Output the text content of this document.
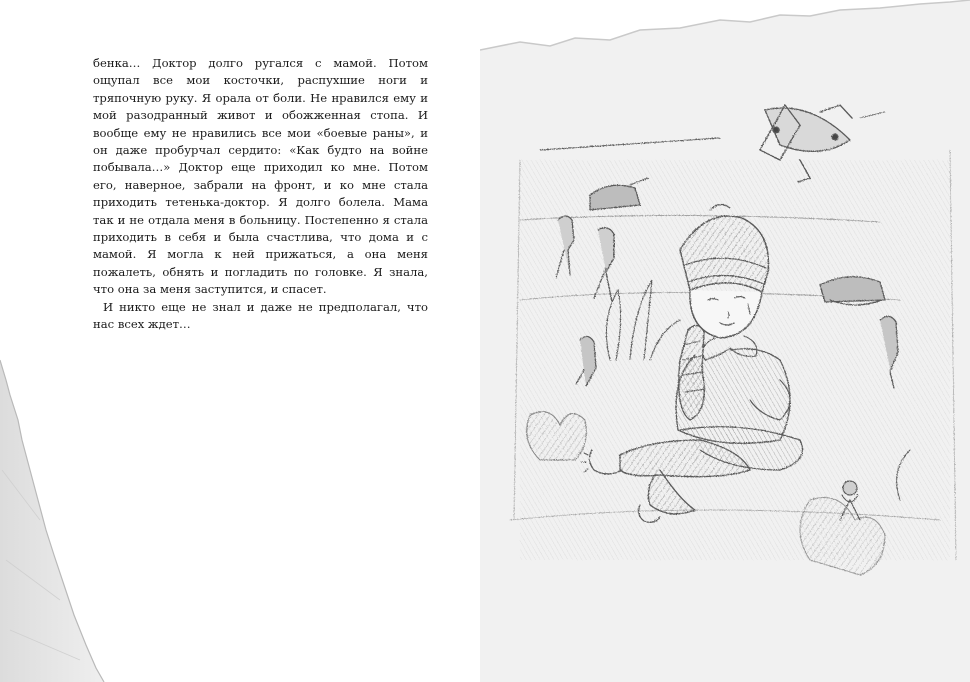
бенка… Доктор долго ругался с мамой. Потом ощупал все мои косточки, распухшие ноги и тряпочную руку. Я орала от боли. Не нравился ему и мой разодранный живот и обожженная стопа. И вообще ему не нравились все мои «боевые раны», и он даже пробурчал сердито: «Как будто на войне побывала…» Доктор еще приходил ко мне. Потом его, наверное, забрали на фронт, и ко мне стала приходить тетенька-доктор. Я долго болела. Мама так и не отдала меня в больницу. Постепенно я стала приходить в себя и была счастлива, что дома и с мамой. Я могла к ней прижаться, а она меня пожалеть, обнять и погладить по головке. Я знала, что она за меня заступится, и спасет.

И никто еще не знал и даже не предполагал, что нас всех ждет…
